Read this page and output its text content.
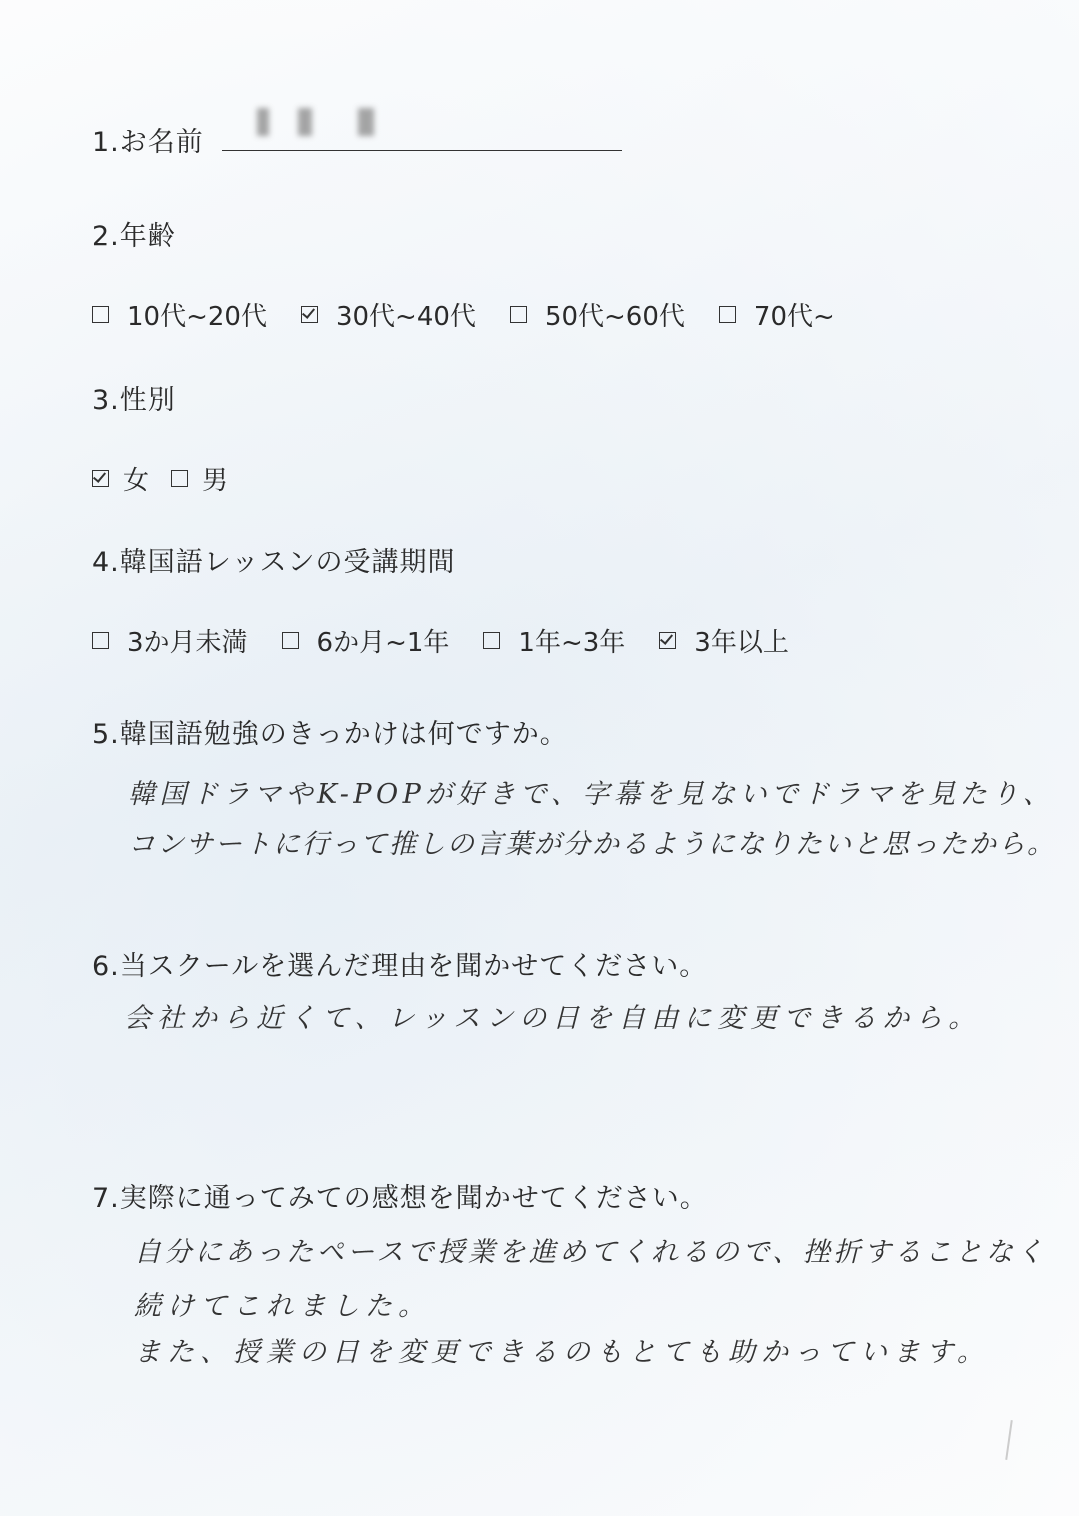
1.お名前
2.年齢
10代~20代	30代~40代	50代~60代	70代~
3.性別
女 男
4.韓国語レッスンの受講期間
3か月未満	6か月~1年	1年~3年	3年以上
5.韓国語勉強のきっかけは何ですか。
韓国ドラマやK-POPが好きで、字幕を見ないでドラマを見たり、
コンサートに行って推しの言葉が分かるようになりたいと思ったから。
6.当スクールを選んだ理由を聞かせてください。
会社から近くて、レッスンの日を自由に変更できるから。
7.実際に通ってみての感想を聞かせてください。
自分にあったペースで授業を進めてくれるので、挫折することなく
続けてこれました。
また、授業の日を変更できるのもとても助かっています。
